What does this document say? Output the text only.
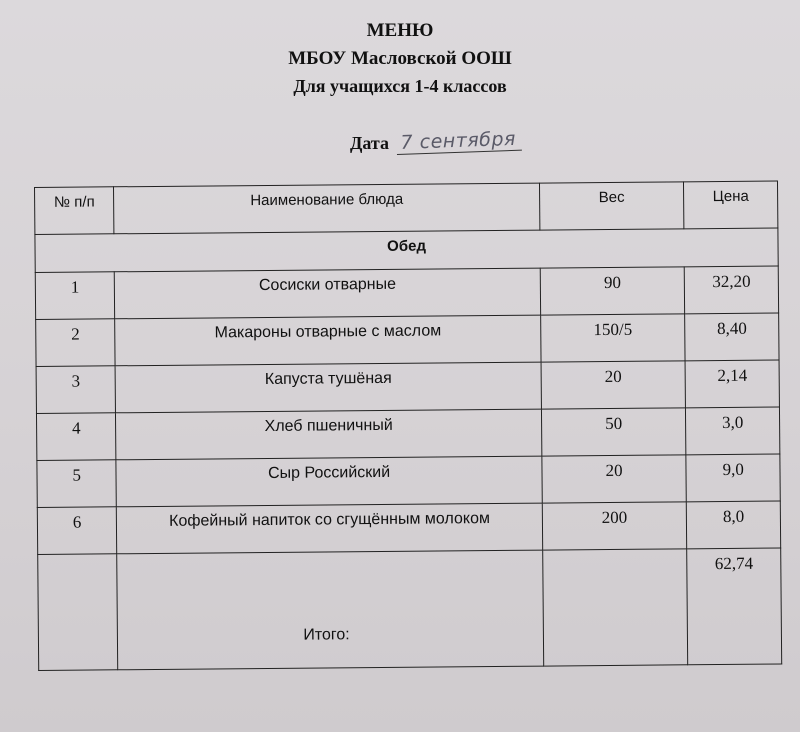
МЕНЮ
МБОУ Масловской ООШ
Для учащихся 1-4 классов
Дата 7 сентября
№ п/п	Наименование блюда	Вес	Цена
Обед			
1	Сосиски отварные	90	32,20
2	Макароны отварные с маслом	150/5	8,40
3	Капуста тушёная	20	2,14
4	Хлеб пшеничный	50	3,0
5	Сыр Российский	20	9,0
6	Кофейный напиток со сгущённым молоком	200	8,0
	Итого:		62,74
